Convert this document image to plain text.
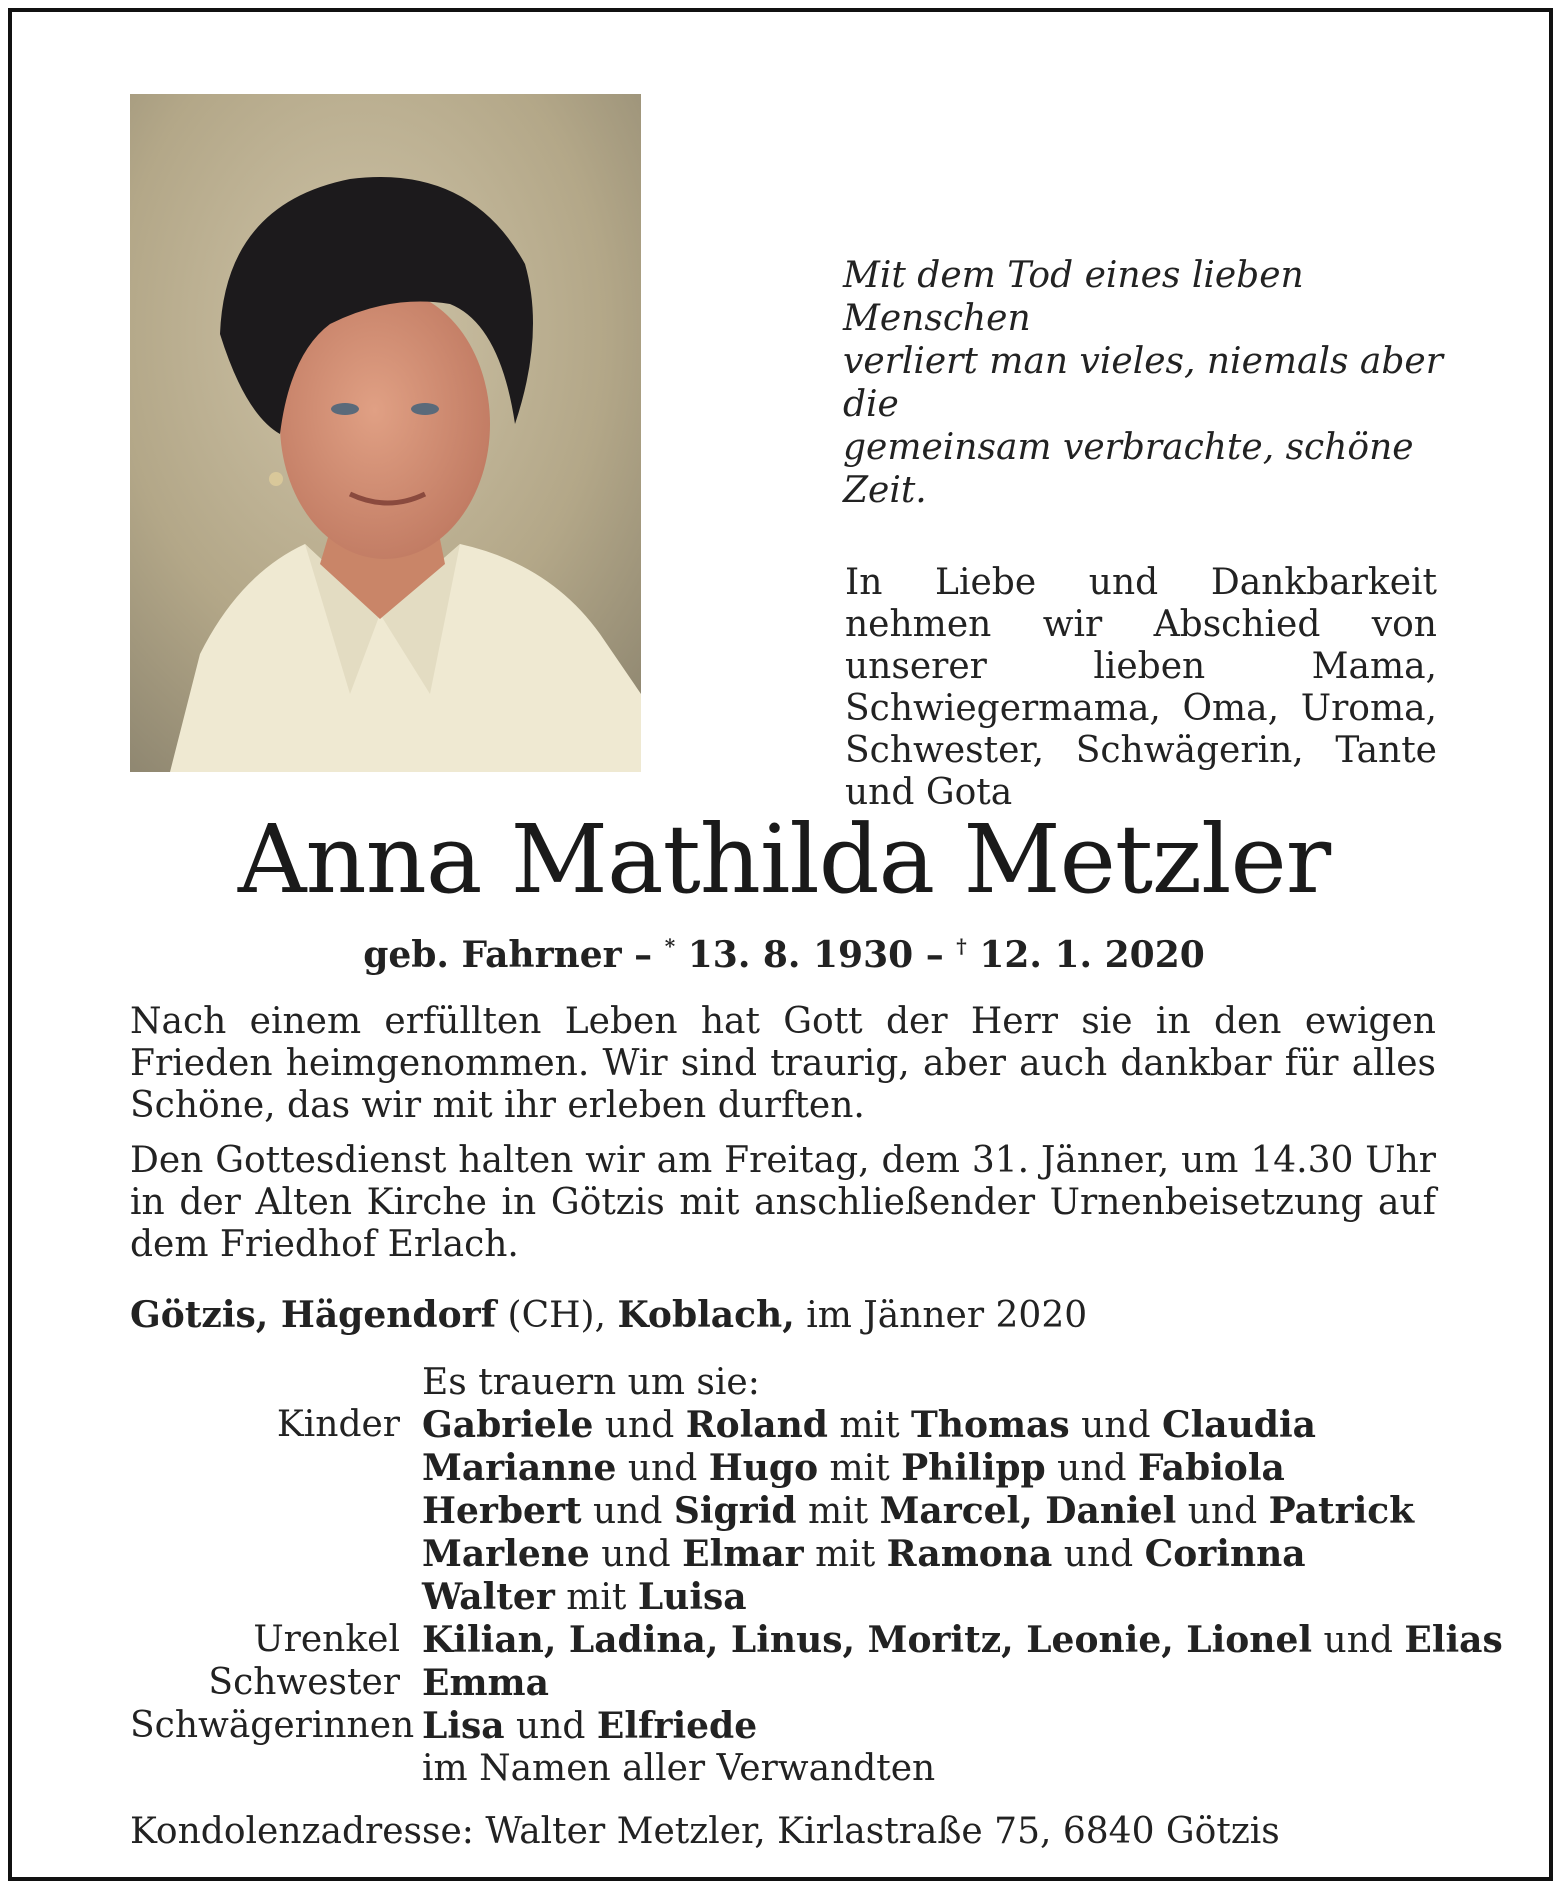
Mit dem Tod eines lieben Menschen
verliert man vieles, niemals aber die
gemeinsam verbrachte, schöne Zeit.
In Liebe und Dankbarkeit nehmen wir Abschied von unserer lieben Mama, Schwiegermama, Oma, Uroma, Schwester, Schwägerin, Tante und Gota
Anna Mathilda Metzler
geb. Fahrner – * 13. 8. 1930 – † 12. 1. 2020
Nach einem erfüllten Leben hat Gott der Herr sie in den ewigen Frieden heimgenommen. Wir sind traurig, aber auch dankbar für alles Schöne, das wir mit ihr erleben durften.
Den Gottesdienst halten wir am Freitag, dem 31. Jänner, um 14.30 Uhr in der Alten Kirche in Götzis mit anschließender Urnenbeisetzung auf dem Friedhof Erlach.
Götzis, Hägendorf (CH), Koblach, im Jänner 2020
Es trauern um sie:
Kinder Gabriele und Roland mit Thomas und Claudia
Marianne und Hugo mit Philipp und Fabiola
Herbert und Sigrid mit Marcel, Daniel und Patrick
Marlene und Elmar mit Ramona und Corinna
Walter mit Luisa
Urenkel Kilian, Ladina, Linus, Moritz, Leonie, Lionel und Elias
Schwester Emma
Schwägerinnen Lisa und Elfriede
im Namen aller Verwandten
Kondolenzadresse: Walter Metzler, Kirlastraße 75, 6840 Götzis
